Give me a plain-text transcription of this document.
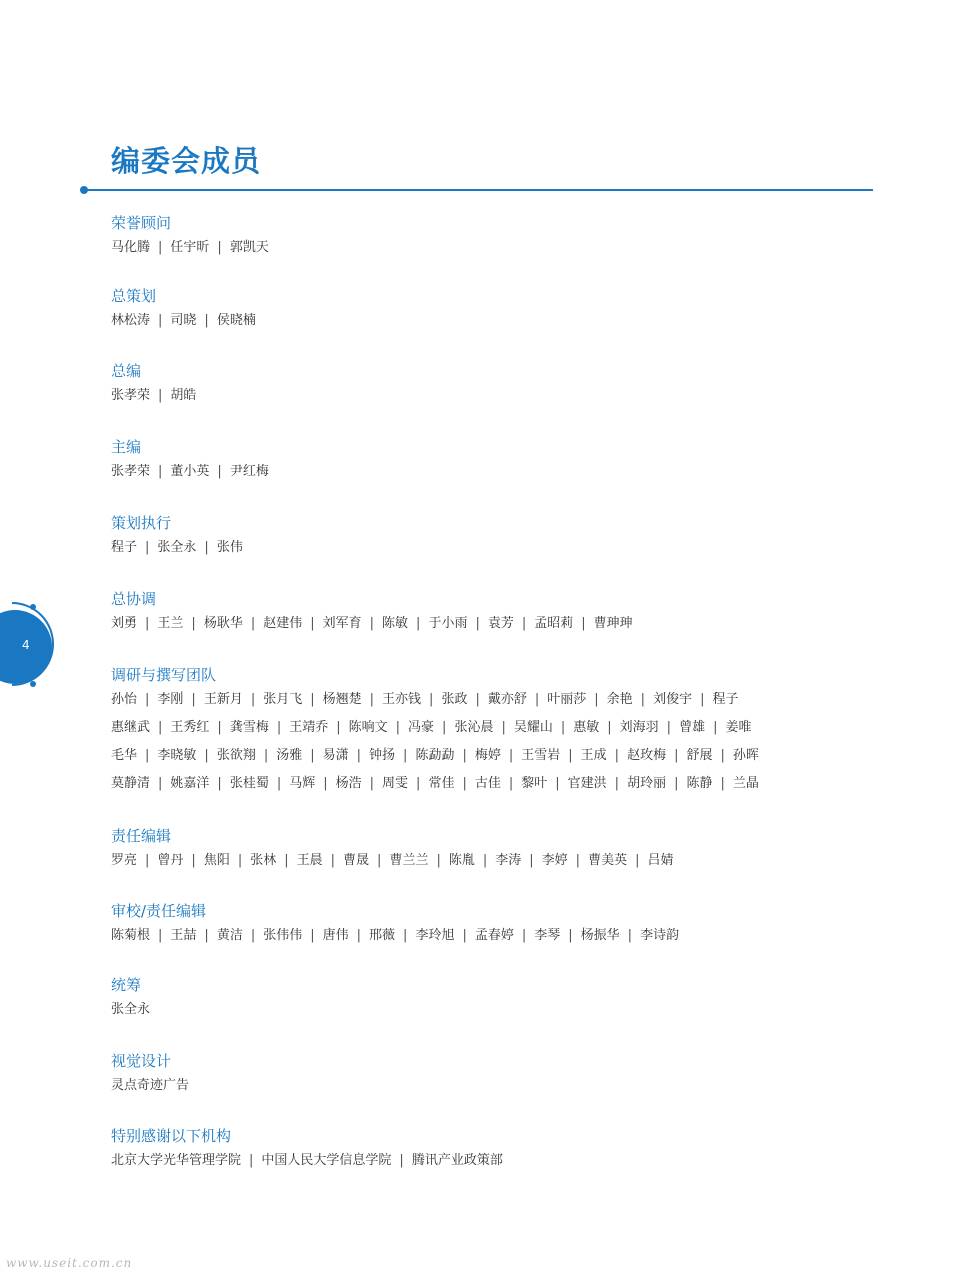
编委会成员
4
荣誉顾问
马化腾 | 任宇昕 | 郭凯天
总策划
林松涛 | 司晓 | 侯晓楠
总编
张孝荣 | 胡皓
主编
张孝荣 | 董小英 | 尹红梅
策划执行
程子 | 张全永 | 张伟
总协调
刘勇 | 王兰 | 杨耿华 | 赵建伟 | 刘军育 | 陈敏 | 于小雨 | 袁芳 | 孟昭莉 | 曹珅珅
调研与撰写团队
孙怡 | 李刚 | 王新月 | 张月飞 | 杨翘楚 | 王亦钱 | 张政 | 戴亦舒 | 叶丽莎 | 余艳 | 刘俊宇 | 程子
惠继武 | 王秀红 | 龚雪梅 | 王靖乔 | 陈响文 | 冯豪 | 张沁晨 | 吴耀山 | 惠敏 | 刘海羽 | 曾雄 | 姜唯
毛华 | 李晓敏 | 张欲翔 | 汤雅 | 易潇 | 钟扬 | 陈勐勐 | 梅婷 | 王雪岩 | 王成 | 赵玫梅 | 舒展 | 孙晖
莫静清 | 姚嘉洋 | 张桂蜀 | 马辉 | 杨浩 | 周雯 | 常佳 | 古佳 | 黎叶 | 官建洪 | 胡玲丽 | 陈静 | 兰晶
责任编辑
罗亮 | 曾丹 | 焦阳 | 张林 | 王晨 | 曹晟 | 曹兰兰 | 陈胤 | 李涛 | 李婷 | 曹美英 | 吕婧
审校/责任编辑
陈菊根 | 王喆 | 黄洁 | 张伟伟 | 唐伟 | 邢薇 | 李玲旭 | 孟春婷 | 李琴 | 杨振华 | 李诗韵
统筹
张全永
视觉设计
灵点奇迹广告
特别感谢以下机构
北京大学光华管理学院 | 中国人民大学信息学院 | 腾讯产业政策部
www.useit.com.cn
